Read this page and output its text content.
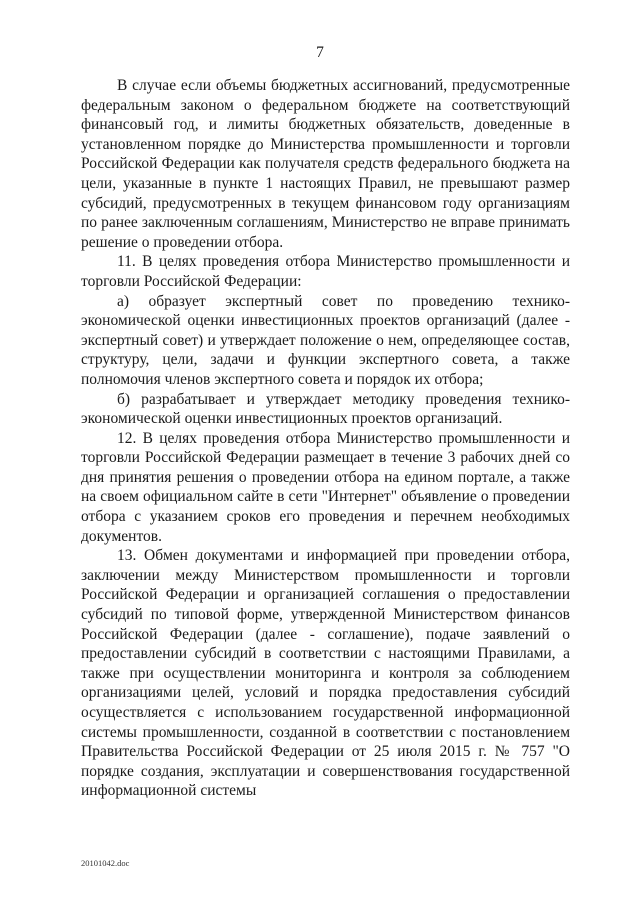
7

В случае если объемы бюджетных ассигнований, предусмотренные федеральным законом о федеральном бюджете на соответствующий финансовый год, и лимиты бюджетных обязательств, доведенные в установленном порядке до Министерства промышленности и торговли Российской Федерации как получателя средств федерального бюджета на цели, указанные в пункте 1 настоящих Правил, не превышают размер субсидий, предусмотренных в текущем финансовом году организациям по ранее заключенным соглашениям, Министерство не вправе принимать решение о проведении отбора.

11. В целях проведения отбора Министерство промышленности и торговли Российской Федерации:

а) образует экспертный совет по проведению технико-экономической оценки инвестиционных проектов организаций (далее - экспертный совет) и утверждает положение о нем, определяющее состав, структуру, цели, задачи и функции экспертного совета, а также полномочия членов экспертного совета и порядок их отбора;

б) разрабатывает и утверждает методику проведения технико-экономической оценки инвестиционных проектов организаций.

12. В целях проведения отбора Министерство промышленности и торговли Российской Федерации размещает в течение 3 рабочих дней со дня принятия решения о проведении отбора на едином портале, а также на своем официальном сайте в сети "Интернет" объявление о проведении отбора с указанием сроков его проведения и перечнем необходимых документов.

13. Обмен документами и информацией при проведении отбора, заключении между Министерством промышленности и торговли Российской Федерации и организацией соглашения о предоставлении субсидий по типовой форме, утвержденной Министерством финансов Российской Федерации (далее - соглашение), подаче заявлений о предоставлении субсидий в соответствии с настоящими Правилами, а также при осуществлении мониторинга и контроля за соблюдением организациями целей, условий и порядка предоставления субсидий осуществляется с использованием государственной информационной системы промышленности, созданной в соответствии с постановлением Правительства Российской Федерации от 25 июля 2015 г. № 757 "О порядке создания, эксплуатации и совершенствования государственной информационной системы

20101042.doc
